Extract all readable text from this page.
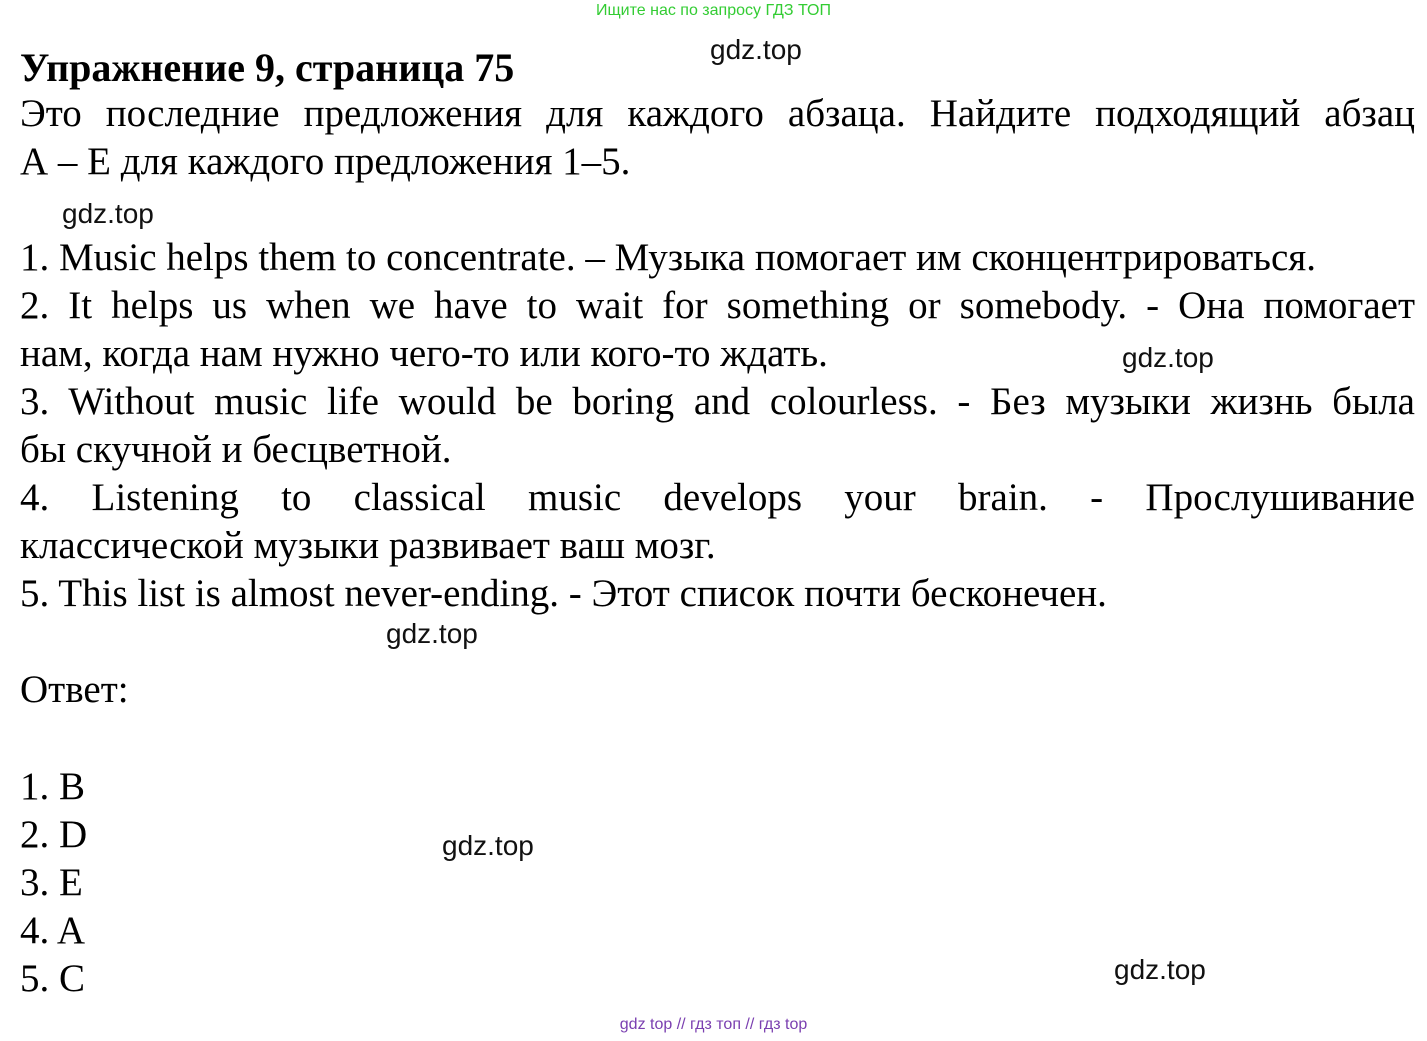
Ищите нас по запросу ГДЗ ТОП
Упражнение 9, страница 75	gdz.top
Это последние предложения для каждого абзаца. Найдите подходящий абзац
А – Е для каждого предложения 1–5.
gdz.top
1. Music helps them to concentrate. – Музыка помогает им сконцентрироваться.
2. It helps us when we have to wait for something or somebody. - Она помогает
нам, когда нам нужно чего-то или кого-то ждать.	gdz.top
3. Without music life would be boring and colourless. - Без музыки жизнь была
бы скучной и бесцветной.
4. Listening to classical music develops your brain. - Прослушивание
классической музыки развивает ваш мозг.
5. This list is almost never-ending. - Этот список почти бесконечен.
gdz.top
Ответ:
1. B
2. D
3. E
4. A
5. C
gdz.top
gdz.top
gdz top // гдз топ // гдз top
